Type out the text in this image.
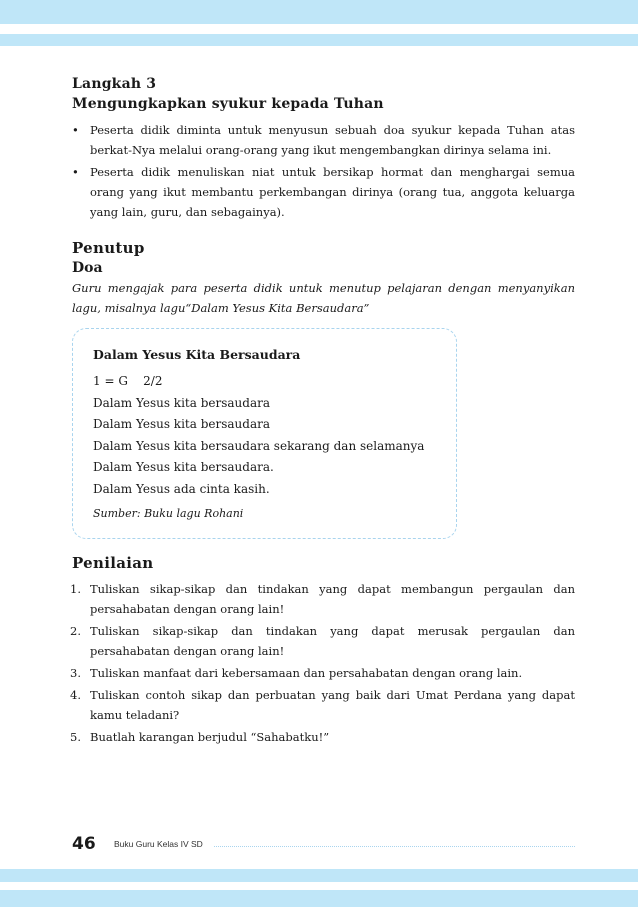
Langkah 3
Mengungkapkan syukur kepada Tuhan
• Peserta didik diminta untuk menyusun sebuah doa syukur kepada Tuhan atas berkat-Nya melalui orang-orang yang ikut mengembangkan dirinya selama ini.
• Peserta didik menuliskan niat untuk bersikap hormat dan menghargai semua orang yang ikut membantu perkembangan dirinya (orang tua, anggota keluarga yang lain, guru, dan sebagainya).
Penutup
Doa
Guru mengajak para peserta didik untuk menutup pelajaran dengan menyanyikan lagu, misalnya lagu“Dalam Yesus Kita Bersaudara”
Dalam Yesus Kita Bersaudara
1 = G    2/2
Dalam Yesus kita bersaudara
Dalam Yesus kita bersaudara
Dalam Yesus kita bersaudara sekarang dan selamanya
Dalam Yesus kita bersaudara.
Dalam Yesus ada cinta kasih.
Sumber: Buku lagu Rohani
Penilaian
1. Tuliskan sikap-sikap dan tindakan yang dapat membangun pergaulan dan persahabatan dengan orang lain!
2. Tuliskan sikap-sikap dan tindakan yang dapat merusak pergaulan dan persahabatan dengan orang lain!
3. Tuliskan manfaat dari kebersamaan dan persahabatan dengan orang lain.
4. Tuliskan contoh sikap dan perbuatan yang baik dari Umat Perdana yang dapat kamu teladani?
5. Buatlah karangan berjudul “Sahabatku!”
46 Buku Guru Kelas IV SD
